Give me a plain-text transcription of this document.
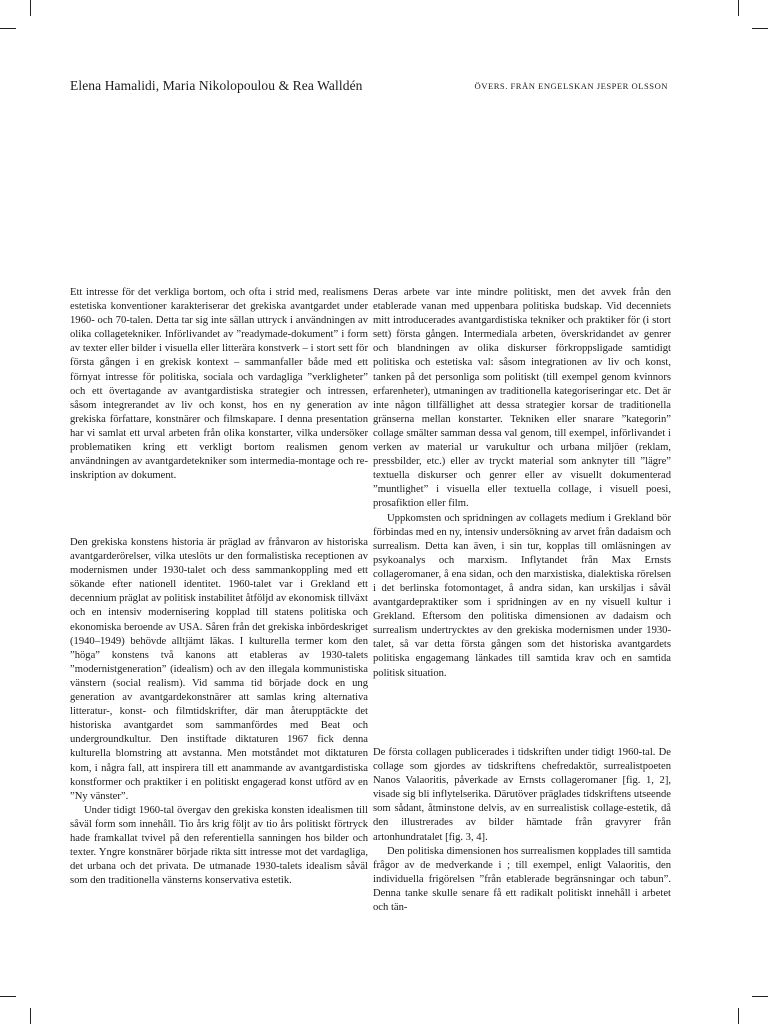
Elena Hamalidi, Maria Nikolopoulou & Rea Walldén	ÖVERS. FRÅN ENGELSKAN JESPER OLSSON

Ett intresse för det verkliga bortom, och ofta i strid med, realismens estetiska konventioner karakteriserar det grekiska avantgardet under 1960- och 70-talen. Detta tar sig inte sällan uttryck i användningen av olika collagetekniker. Införlivandet av ”readymade-dokument” i form av texter eller bilder i visuella eller litterära konstverk – i stort sett för första gången i en grekisk kontext – sammanfaller både med ett förnyat intresse för politiska, sociala och vardagliga ”verkligheter” och ett övertagande av avantgardistiska strategier och intressen, såsom integrerandet av liv och konst, hos en ny generation av grekiska författare, konstnärer och filmskapare. I denna presentation har vi samlat ett urval arbeten från olika konstarter, vilka undersöker problematiken kring ett verkligt bortom realismen genom användningen av avantgardetekniker som intermedia-montage och re-inskription av dokument.

Den grekiska konstens historia är präglad av frånvaron av historiska avantgarderörelser, vilka uteslöts ur den formalistiska receptionen av modernismen under 1930-talet och dess sammankoppling med ett sökande efter nationell identitet. 1960-talet var i Grekland ett decennium präglat av politisk instabilitet åtföljd av ekonomisk tillväxt och en intensiv modernisering kopplad till statens politiska och ekonomiska beroende av USA. Såren från det grekiska inbördeskriget (1940–1949) behövde alltjämt läkas. I kulturella termer kom den ”höga” konstens två kanons att etableras av 1930-talets ”modernistgeneration” (idealism) och av den illegala kommunistiska vänstern (social realism). Vid samma tid började dock en ung generation av avantgardekonstnärer att samlas kring alternativa litteratur-, konst- och filmtidskrifter, där man återupptäckte det historiska avantgardet som sammanfördes med Beat och undergroundkultur. Den instiftade diktaturen 1967 fick denna kulturella blomstring att avstanna. Men motståndet mot diktaturen kom, i några fall, att inspirera till ett anammande av avantgardistiska konstformer och praktiker i en politiskt engagerad konst utförd av en ”Ny vänster”.

Under tidigt 1960-tal övergav den grekiska konsten idealismen till såväl form som innehåll. Tio års krig följt av tio års politiskt förtryck hade framkallat tvivel på den referentiella sanningen hos bilder och texter. Yngre konstnärer började rikta sitt intresse mot det vardagliga, det urbana och det privata. De utmanade 1930-talets idealism såväl som den traditionella vänsterns konservativa estetik.

Deras arbete var inte mindre politiskt, men det avvek från den etablerade vanan med uppenbara politiska budskap. Vid decenniets mitt introducerades avantgardistiska tekniker och praktiker för (i stort sett) första gången. Intermediala arbeten, överskridandet av genrer och blandningen av olika diskurser förkroppsligade samtidigt politiska och estetiska val: såsom integrationen av liv och konst, tanken på det personliga som politiskt (till exempel genom kvinnors erfarenheter), utmaningen av traditionella kategoriseringar etc. Det är inte någon tillfällighet att dessa strategier korsar de traditionella gränserna mellan konstarter. Tekniken eller snarare ”kategorin” collage smälter samman dessa val genom, till exempel, införlivandet i verken av material ur varukultur och urbana miljöer (reklam, pressbilder, etc.) eller av tryckt material som anknyter till ”lägre” textuella diskurser och genrer eller av visuellt dokumenterad ”muntlighet” i visuella eller textuella collage, i visuell poesi, prosafiktion eller film.

Uppkomsten och spridningen av collagets medium i Grekland bör förbindas med en ny, intensiv undersökning av arvet från dadaism och surrealism. Detta kan även, i sin tur, kopplas till omläsningen av psykoanalys och marxism. Inflytandet från Max Ernsts collageromaner, å ena sidan, och den marxistiska, dialektiska rörelsen i det berlinska fotomontaget, å andra sidan, kan urskiljas i såväl avantgardepraktiker som i spridningen av en ny visuell kultur i Grekland. Eftersom den politiska dimensionen av dadaism och surrealism undertrycktes av den grekiska modernismen under 1930-talet, så var detta första gången som det historiska avantgardets politiska engagemang länkades till samtida krav och en samtida politisk situation.

De första collagen publicerades i tidskriften under tidigt 1960-tal. De collage som gjordes av tidskriftens chefredaktör, surrealistpoeten Nanos Valaoritis, påverkade av Ernsts collageromaner [fig. 1, 2], visade sig bli inflytelserika. Därutöver präglades tidskriftens utseende som sådant, åtminstone delvis, av en surrealistisk collage-estetik, då den illustrerades av bilder hämtade från gravyrer från artonhundratalet [fig. 3, 4].

Den politiska dimensionen hos surrealismen kopplades till samtida frågor av de medverkande i ; till exempel, enligt Valaoritis, den individuella frigörelsen ”från etablerade begränsningar och tabun”. Denna tanke skulle senare få ett radikalt politiskt innehåll i arbetet och tän-
